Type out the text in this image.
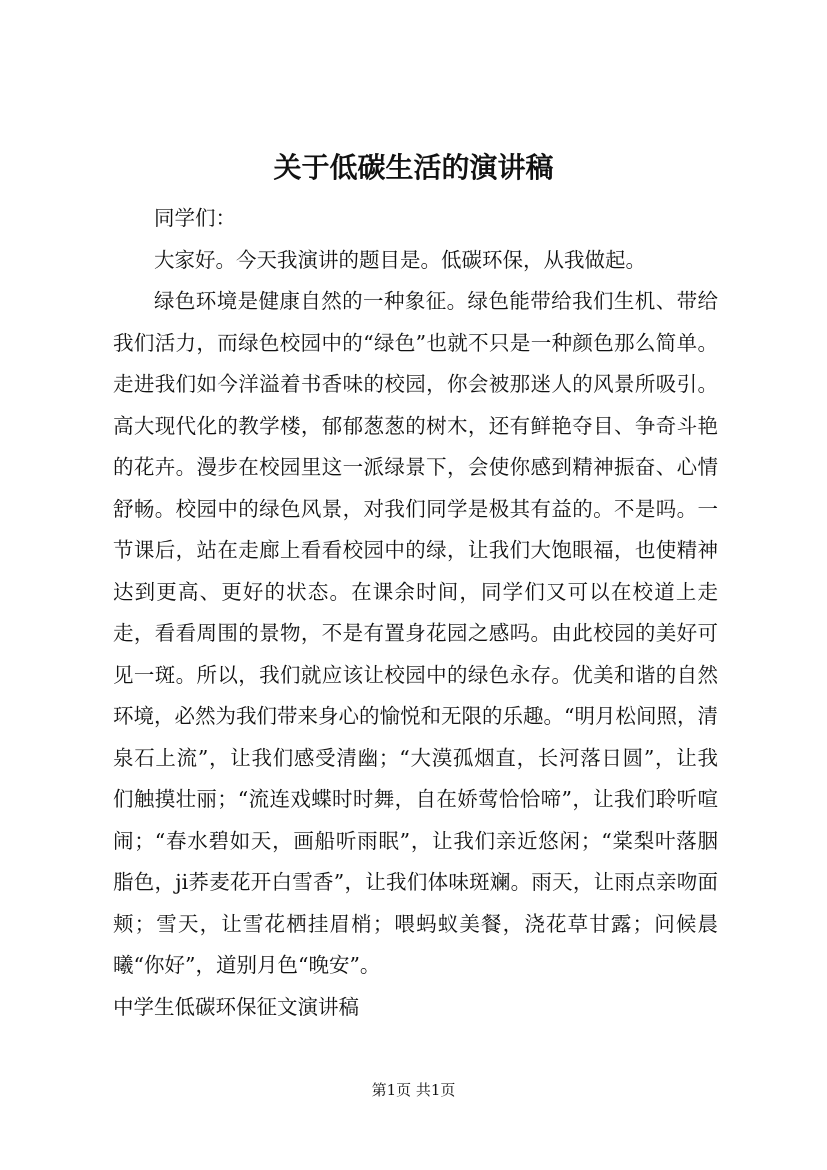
关于低碳生活的演讲稿

同学们：

大家好。今天我演讲的题目是。低碳环保，从我做起。

绿色环境是健康自然的一种象征。绿色能带给我们生机、带给我们活力，而绿色校园中的“绿色”也就不只是一种颜色那么简单。走进我们如今洋溢着书香味的校园，你会被那迷人的风景所吸引。高大现代化的教学楼，郁郁葱葱的树木，还有鲜艳夺目、争奇斗艳的花卉。漫步在校园里这一派绿景下，会使你感到精神振奋、心情舒畅。校园中的绿色风景，对我们同学是极其有益的。不是吗。一节课后，站在走廊上看看校园中的绿，让我们大饱眼福，也使精神达到更高、更好的状态。在课余时间，同学们又可以在校道上走走，看看周围的景物，不是有置身花园之感吗。由此校园的美好可见一斑。所以，我们就应该让校园中的绿色永存。优美和谐的自然环境，必然为我们带来身心的愉悦和无限的乐趣。“明月松间照，清泉石上流”，让我们感受清幽；“大漠孤烟直，长河落日圆”，让我们触摸壮丽；“流连戏蝶时时舞，自在娇莺恰恰啼”，让我们聆听喧闹；“春水碧如天，画船听雨眠”，让我们亲近悠闲；“棠梨叶落胭脂色，ji荞麦花开白雪香”，让我们体味斑斓。雨天，让雨点亲吻面颊；雪天，让雪花栖挂眉梢；喂蚂蚁美餐，浇花草甘露；问候晨曦“你好”，道别月色“晚安”。

中学生低碳环保征文演讲稿

第1页 共1页
